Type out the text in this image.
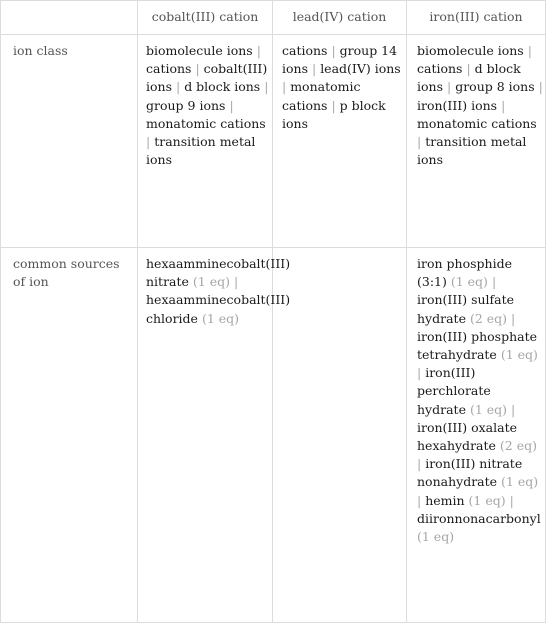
cobalt(III) cation	lead(IV) cation	iron(III) cation
ion class
common sources of ion
biomolecule ions | cations | cobalt(III) ions | d block ions | group 9 ions | monatomic cations | transition metal ions
cations | group 14 ions | lead(IV) ions | monatomic cations | p block ions
biomolecule ions | cations | d block ions | group 8 ions | iron(III) ions | monatomic cations | transition metal ions
hexaamminecobalt(III) nitrate (1 eq) | hexaamminecobalt(III) chloride (1 eq)
iron phosphide (3:1) (1 eq) | iron(III) sulfate hydrate (2 eq) | iron(III) phosphate tetrahydrate (1 eq) | iron(III) perchlorate hydrate (1 eq) | iron(III) oxalate hexahydrate (2 eq) | iron(III) nitrate nonahydrate (1 eq) | hemin (1 eq) | diironnonacarbonyl (1 eq)
